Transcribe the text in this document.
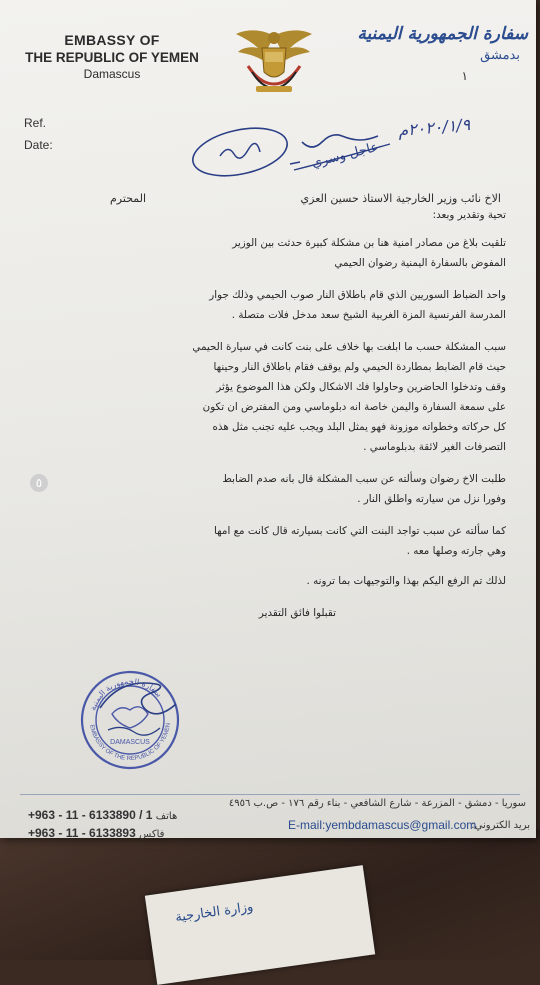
وزارة الخارجية
EMBASSY OF
THE REPUBLIC OF YEMEN
Damascus
سفارة الجمهورية اليمنية
بدمشق
١
Ref.
Date:
٢٠٢٠/١/٩م
عاجل وسري
الاخ نائب وزير الخارجية الاستاذ حسين العزي
المحترم

تحية وتقدير وبعد:

تلقيت بلاغ من مصادر امنية هنا بن مشكلة كبيرة حدثت بين الوزير

المفوض بالسفارة اليمنية رضوان الحيمي

واحد الضباط السوريين الذي قام باطلاق النار صوب الحيمي وذلك جوار

المدرسة الفرنسية المزة الغربية الشيخ سعد مدخل فلات متصلة .

سبب المشكلة حسب ما ابلغت بها خلاف على بنت كانت في سيارة الحيمي

حيث قام الضابط بمطاردة الحيمي ولم يوقف فقام باطلاق النار وحينها

وقف وتدخلوا الحاضرين وحاولوا فك الاشكال ولكن هذا الموضوع يؤثر

على سمعة السفارة واليمن خاصة انه دبلوماسي ومن المفترض ان تكون

كل حركاته وخطواته موزونة فهو يمثل البلد ويجب عليه تجنب مثل هذه

التصرفات الغير لائقة بدبلوماسي .

طلبت الاخ رضوان وسألته عن سبب المشكلة قال بانه صدم الضابط

وفورا نزل من سيارته واطلق النار .

كما سألته عن سبب تواجد البنت التي كانت بسيارته قال كانت مع امها

وهي جارته وصلها معه .

لذلك تم الرفع اليكم بهذا والتوجيهات بما ترونه .

تقبلوا فائق التقدير

سفارة الجمهورية اليمنية
EMBASSY OF THE REPUBLIC OF YEMEN
DAMASCUS
سوريا - دمشق - المزرعة - شارع الشافعي - بناء رقم ١٧٦ - ص.ب ٤٩٥٦
E-mail:yembdamascus@gmail.com
بريد الكتروني:
+963 - 11 - 6133890 / 1 هاتف
+963 - 11 - 6133893 فاكس
٥
